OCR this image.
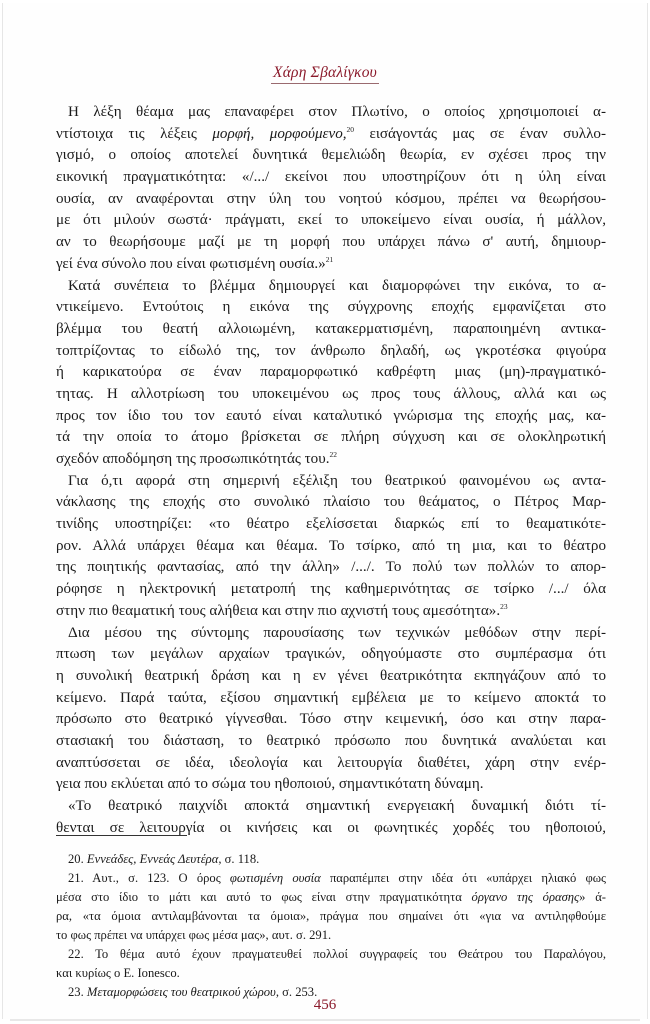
Χάρη Σβαλίγκου
Η λέξη θέαμα μας επαναφέρει στον Πλωτίνο, ο οποίος χρησιμοποιεί α-
ντίστοιχα τις λέξεις μορφή, μορφούμενο,$^{20}$ εισάγοντάς μας σε έναν συλλο-
γισμό, ο οποίος αποτελεί δυνητικά θεμελιώδη θεωρία, εν σχέσει προς την
εικονική πραγματικότητα: «/.../ εκείνοι που υποστηρίζουν ότι η ύλη είναι
ουσία, αν αναφέρονται στην ύλη του νοητού κόσμου, πρέπει να θεωρήσου-
με ότι μιλούν σωστά· πράγματι, εκεί το υποκείμενο είναι ουσία, ή μάλλον,
αν το θεωρήσουμε μαζί με τη μορφή που υπάρχει πάνω σ' αυτή, δημιουρ-
γεί ένα σύνολο που είναι φωτισμένη ουσία.»$^{21}$
Κατά συνέπεια το βλέμμα δημιουργεί και διαμορφώνει την εικόνα, το α-
ντικείμενο. Εντούτοις η εικόνα της σύγχρονης εποχής εμφανίζεται στο
βλέμμα του θεατή αλλοιωμένη, κατακερματισμένη, παραποιημένη αντικα-
τοπτρίζοντας το είδωλό της, τον άνθρωπο δηλαδή, ως γκροτέσκα φιγούρα
ή καρικατούρα σε έναν παραμορφωτικό καθρέφτη μιας (μη)-πραγματικό-
τητας. Η αλλοτρίωση του υποκειμένου ως προς τους άλλους, αλλά και ως
προς τον ίδιο του τον εαυτό είναι καταλυτικό γνώρισμα της εποχής μας, κα-
τά την οποία το άτομο βρίσκεται σε πλήρη σύγχυση και σε ολοκληρωτική
σχεδόν αποδόμηση της προσωπικότητάς του.$^{22}$
Για ό,τι αφορά στη σημερινή εξέλιξη του θεατρικού φαινομένου ως αντα-
νάκλασης της εποχής στο συνολικό πλαίσιο του θεάματος, ο Πέτρος Μαρ-
τινίδης υποστηρίζει: «το θέατρο εξελίσσεται διαρκώς επί το θεαματικότε-
ρον. Αλλά υπάρχει θέαμα και θέαμα. Το τσίρκο, από τη μια, και το θέατρο
της ποιητικής φαντασίας, από την άλλη» /.../. Το πολύ των πολλών το απορ-
ρόφησε η ηλεκτρονική μετατροπή της καθημερινότητας σε τσίρκο /.../ όλα
στην πιο θεαματική τους αλήθεια και στην πιο αχνιστή τους αμεσότητα».$^{23}$
Δια μέσου της σύντομης παρουσίασης των τεχνικών μεθόδων στην περί-
πτωση των μεγάλων αρχαίων τραγικών, οδηγούμαστε στο συμπέρασμα ότι
η συνολική θεατρική δράση και η εν γένει θεατρικότητα εκπηγάζουν από το
κείμενο. Παρά ταύτα, εξίσου σημαντική εμβέλεια με το κείμενο αποκτά το
πρόσωπο στο θεατρικό γίγνεσθαι. Τόσο στην κειμενική, όσο και στην παρα-
στασιακή του διάσταση, το θεατρικό πρόσωπο που δυνητικά αναλύεται και
αναπτύσσεται σε ιδέα, ιδεολογία και λειτουργία διαθέτει, χάρη στην ενέρ-
γεια που εκλύεται από το σώμα του ηθοποιού, σημαντικότατη δύναμη.
«Το θεατρικό παιχνίδι αποκτά σημαντική ενεργειακή δυναμική διότι τί-
θενται σε λειτουργία οι κινήσεις και οι φωνητικές χορδές του ηθοποιού,
20. Εννεάδες, Εννεάς Δευτέρα, σ. 118.
21. Αυτ., σ. 123. Ο όρος φωτισμένη ουσία παραπέμπει στην ιδέα ότι «υπάρχει ηλιακό φως
μέσα στο ίδιο το μάτι και αυτό το φως είναι στην πραγματικότητα όργανο της όρασης» ά-
ρα, «τα όμοια αντιλαμβάνονται τα όμοια», πράγμα που σημαίνει ότι «για να αντιληφθούμε
το φως πρέπει να υπάρχει φως μέσα μας», αυτ. σ. 291.
22. Το θέμα αυτό έχουν πραγματευθεί πολλοί συγγραφείς του Θεάτρου του Παραλόγου,
και κυρίως ο Ε. Ionesco.
23. Μεταμορφώσεις του θεατρικού χώρου, σ. 253.
456
